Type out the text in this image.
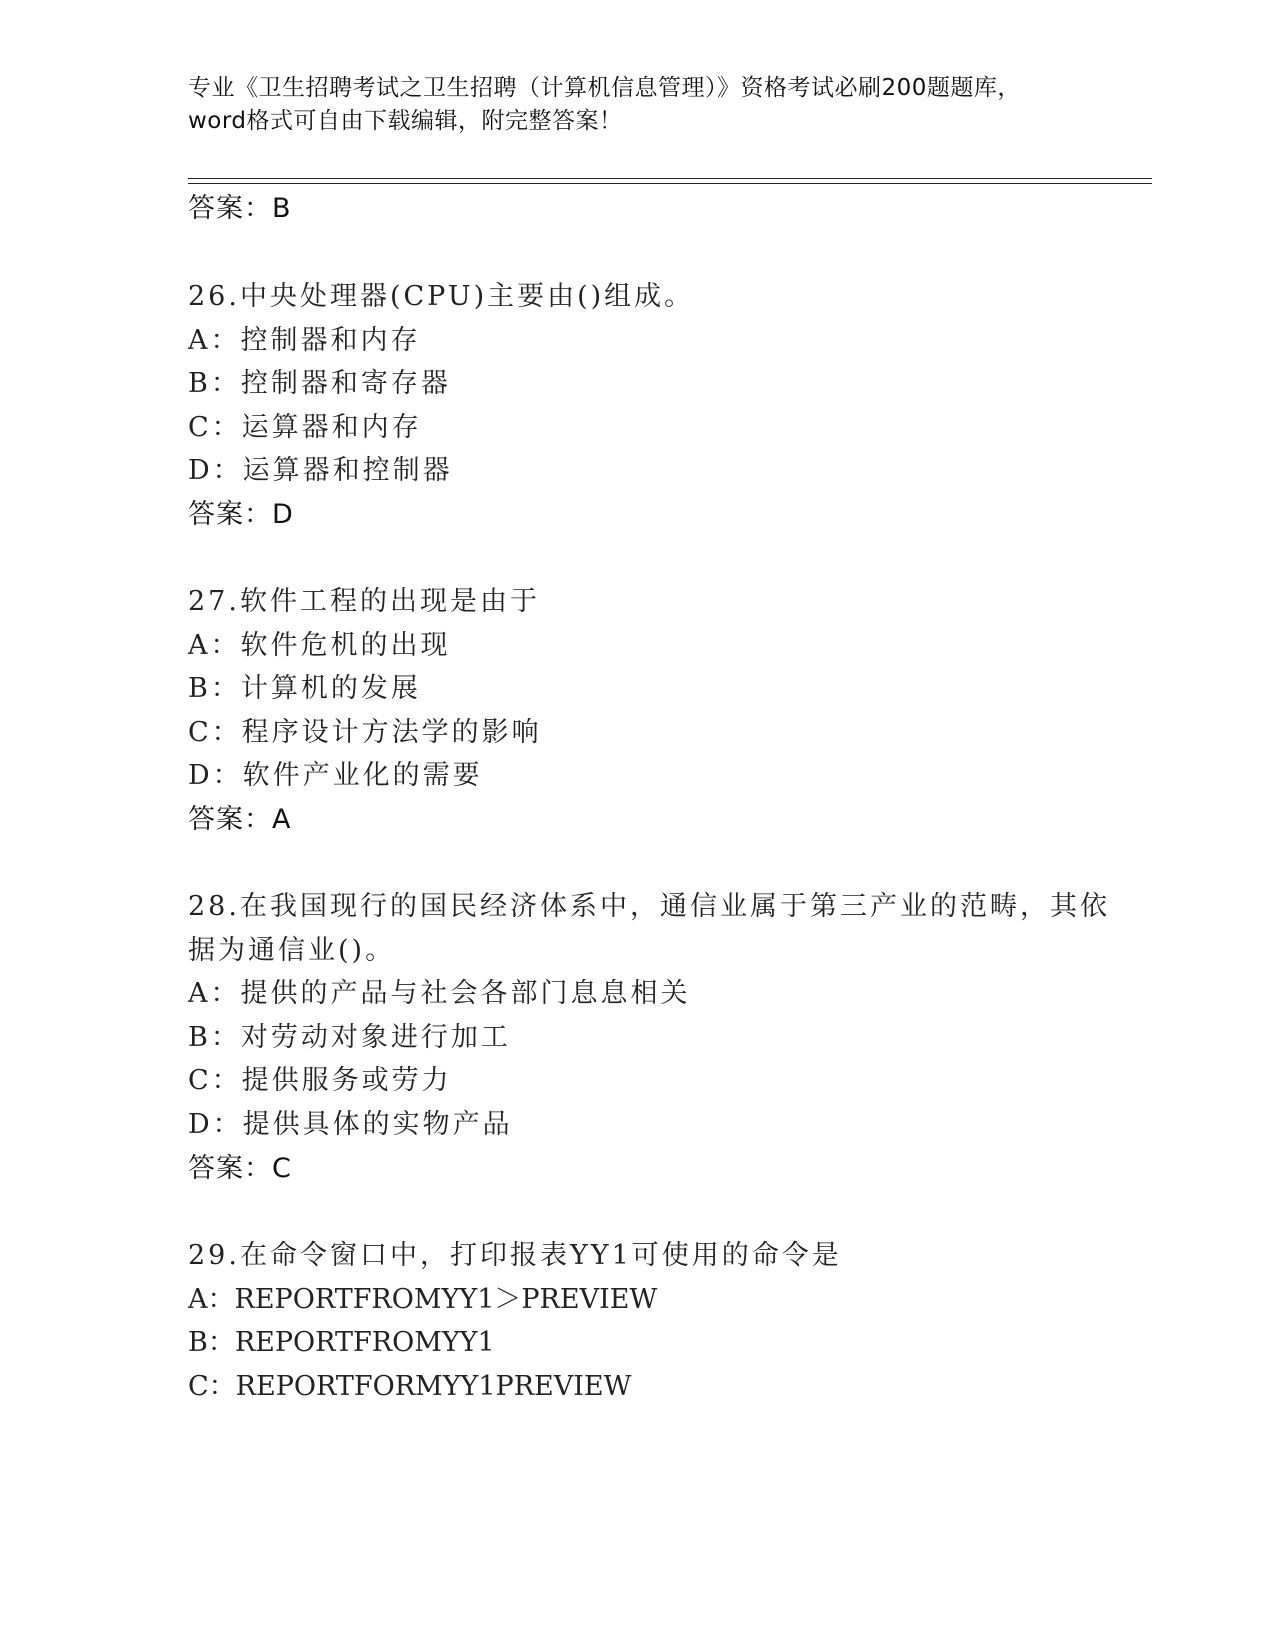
专业《卫生招聘考试之卫生招聘（计算机信息管理）》资格考试必刷200题题库，
word格式可自由下载编辑，附完整答案！
答案：B
26.中央处理器(CPU)主要由()组成。
A：控制器和内存
B：控制器和寄存器
C：运算器和内存
D：运算器和控制器
答案：D
27.软件工程的出现是由于
A：软件危机的出现
B：计算机的发展
C：程序设计方法学的影响
D：软件产业化的需要
答案：A
28.在我国现行的国民经济体系中，通信业属于第三产业的范畴，其依
据为通信业()。
A：提供的产品与社会各部门息息相关
B：对劳动对象进行加工
C：提供服务或劳力
D：提供具体的实物产品
答案：C
29.在命令窗口中，打印报表YY1可使用的命令是
A：REPORTFROMYY1＞PREVIEW
B：REPORTFROMYY1
C：REPORTFORMYY1PREVIEW
